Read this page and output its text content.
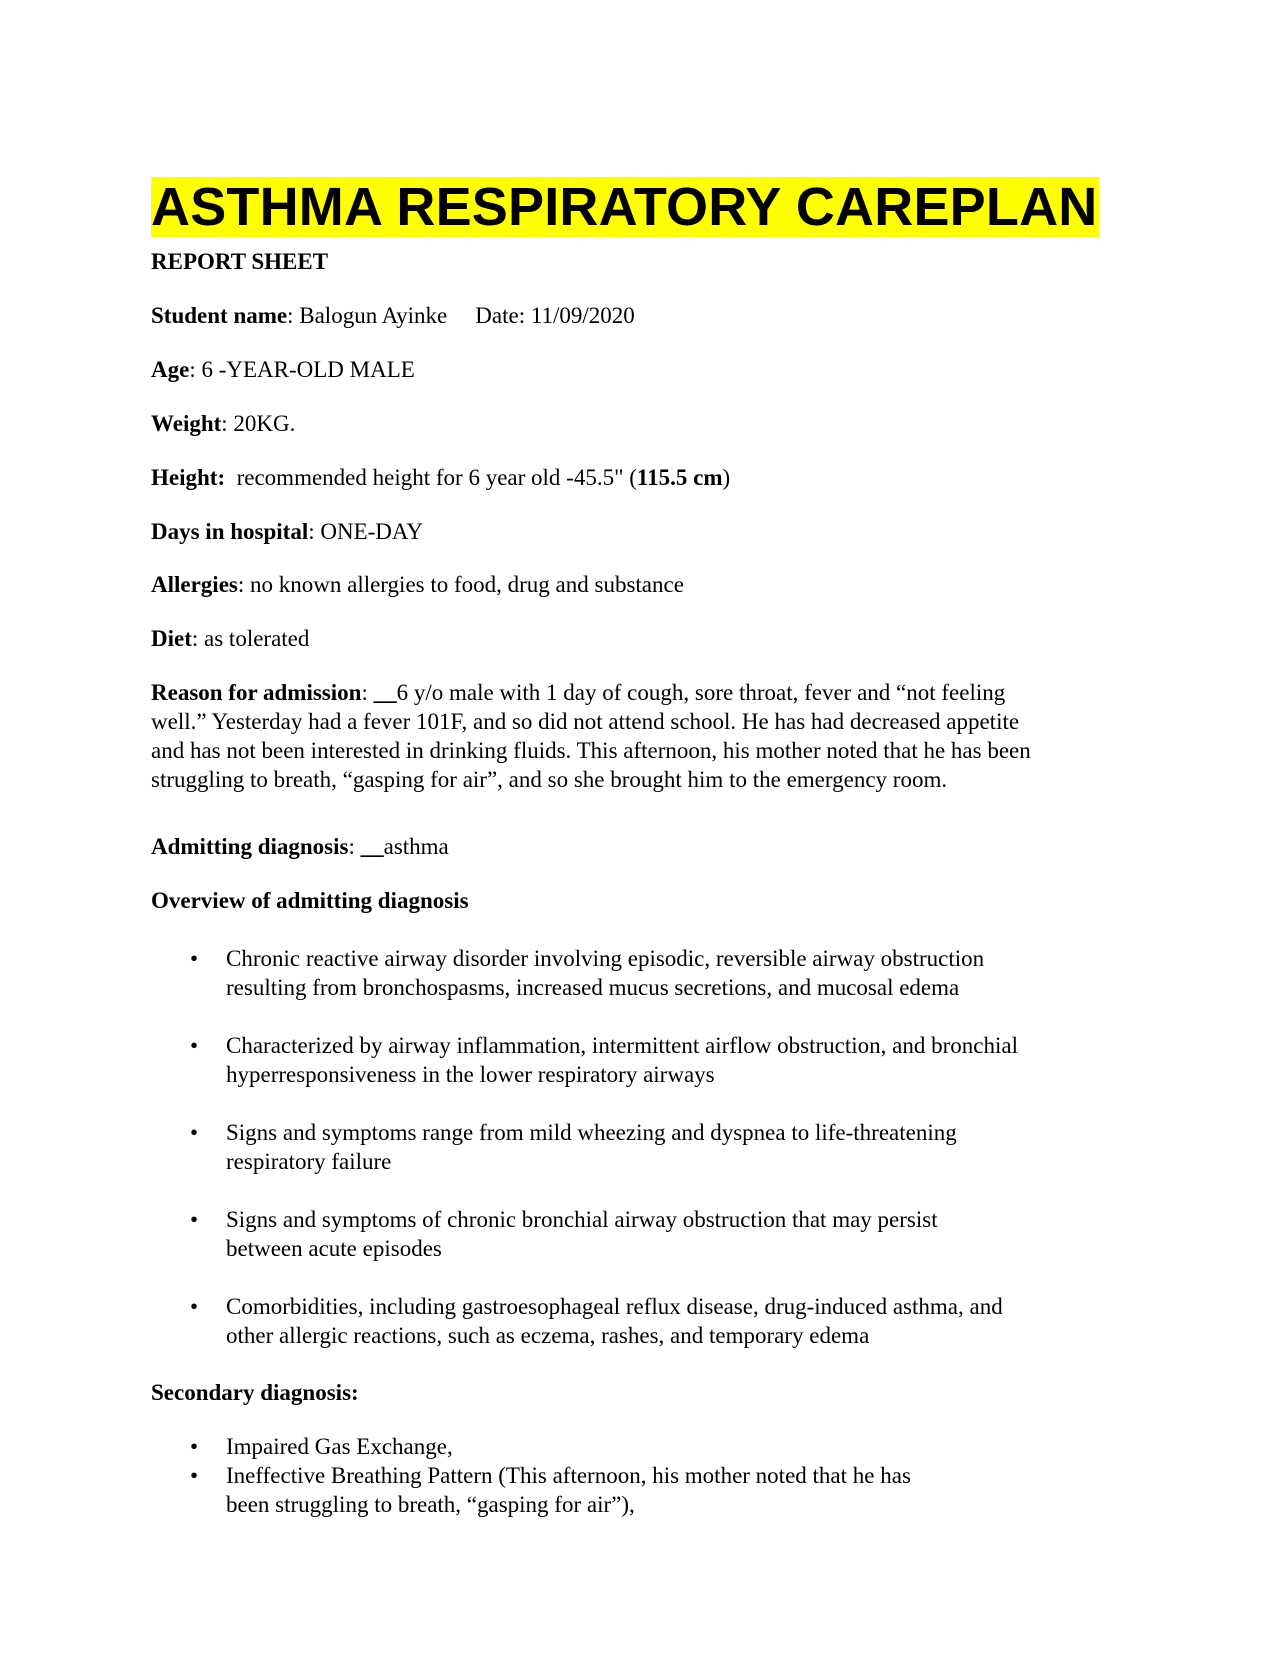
ASTHMA RESPIRATORY CAREPLAN
REPORT SHEET
Student name: Balogun Ayinke Date: 11/09/2020
Age: 6 -YEAR-OLD MALE
Weight: 20KG.
Height:  recommended height for 6 year old -45.5" (115.5 cm)
Days in hospital: ONE-DAY
Allergies: no known allergies to food, drug and substance
Diet: as tolerated
Reason for admission: __6 y/o male with 1 day of cough, sore throat, fever and “not feeling
well.” Yesterday had a fever 101F, and so did not attend school. He has had decreased appetite
and has not been interested in drinking fluids. This afternoon, his mother noted that he has been
struggling to breath, “gasping for air”, and so she brought him to the emergency room.
Admitting diagnosis: __asthma
Overview of admitting diagnosis
• Chronic reactive airway disorder involving episodic, reversible airway obstruction
resulting from bronchospasms, increased mucus secretions, and mucosal edema
• Characterized by airway inflammation, intermittent airflow obstruction, and bronchial
hyperresponsiveness in the lower respiratory airways
• Signs and symptoms range from mild wheezing and dyspnea to life-threatening
respiratory failure
• Signs and symptoms of chronic bronchial airway obstruction that may persist
between acute episodes
• Comorbidities, including gastroesophageal reflux disease, drug-induced asthma, and
other allergic reactions, such as eczema, rashes, and temporary edema
Secondary diagnosis:
• Impaired Gas Exchange,
• Ineffective Breathing Pattern (This afternoon, his mother noted that he has
been struggling to breath, “gasping for air”),
